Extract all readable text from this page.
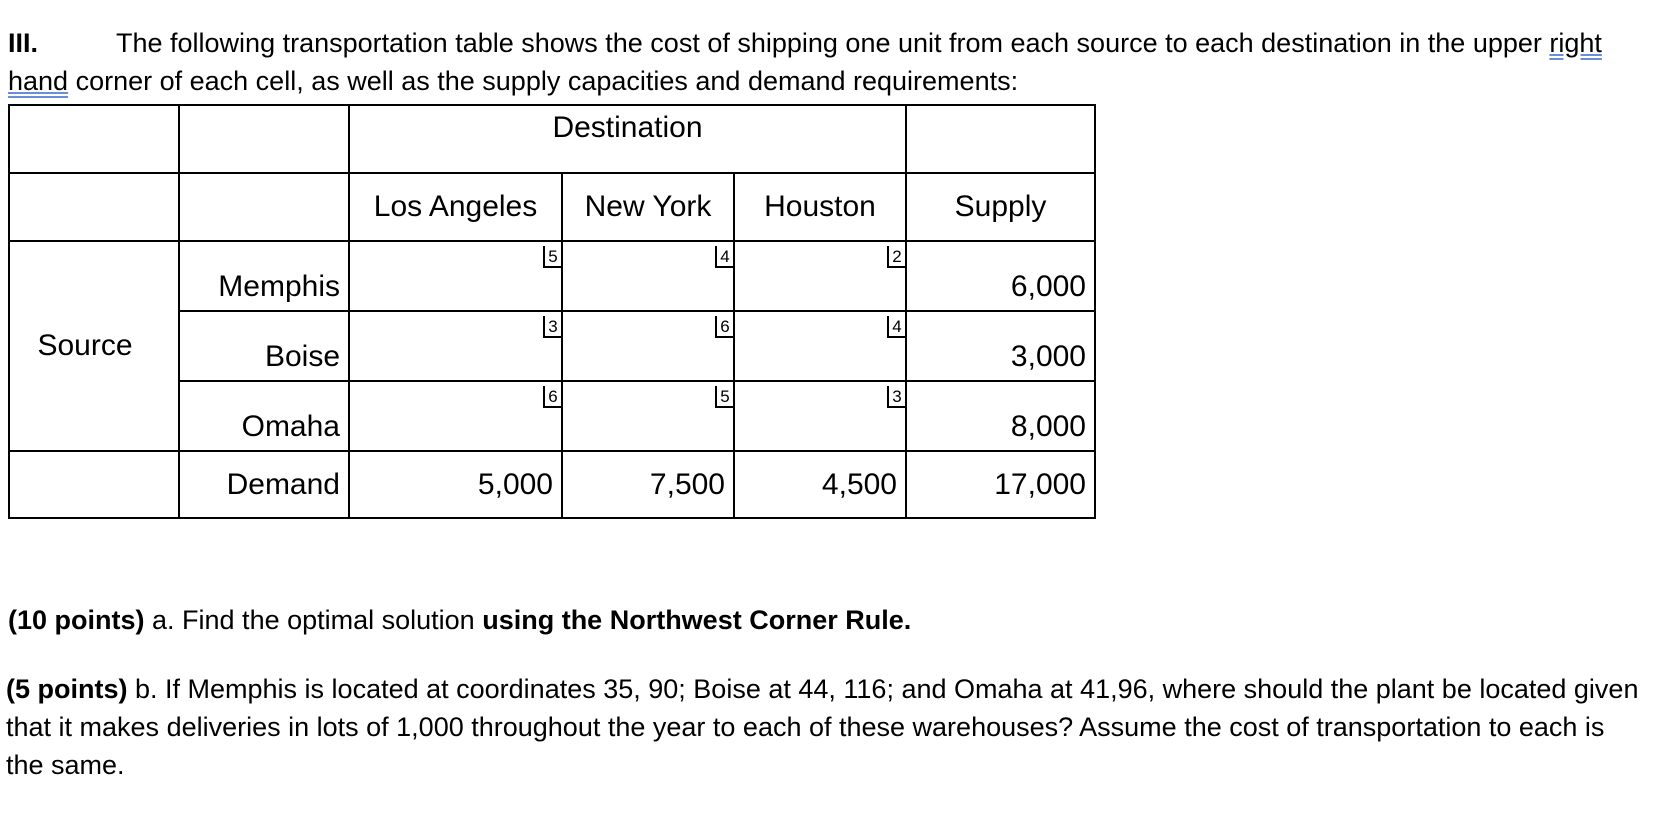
III.	The following transportation table shows the cost of shipping one unit from each source to each destination in the upper right hand corner of each cell, as well as the supply capacities and demand requirements:

		Destination			
		Los Angeles	New York	Houston	Supply
Source	Memphis	5	4	2	6,000
	Boise	3	6	4	3,000
	Omaha	6	5	3	8,000
	Demand	5,000	7,500	4,500	17,000

(10 points) a. Find the optimal solution using the Northwest Corner Rule.

(5 points) b. If Memphis is located at coordinates 35, 90; Boise at 44, 116; and Omaha at 41,96, where should the plant be located given that it makes deliveries in lots of 1,000 throughout the year to each of these warehouses? Assume the cost of transportation to each is the same.
